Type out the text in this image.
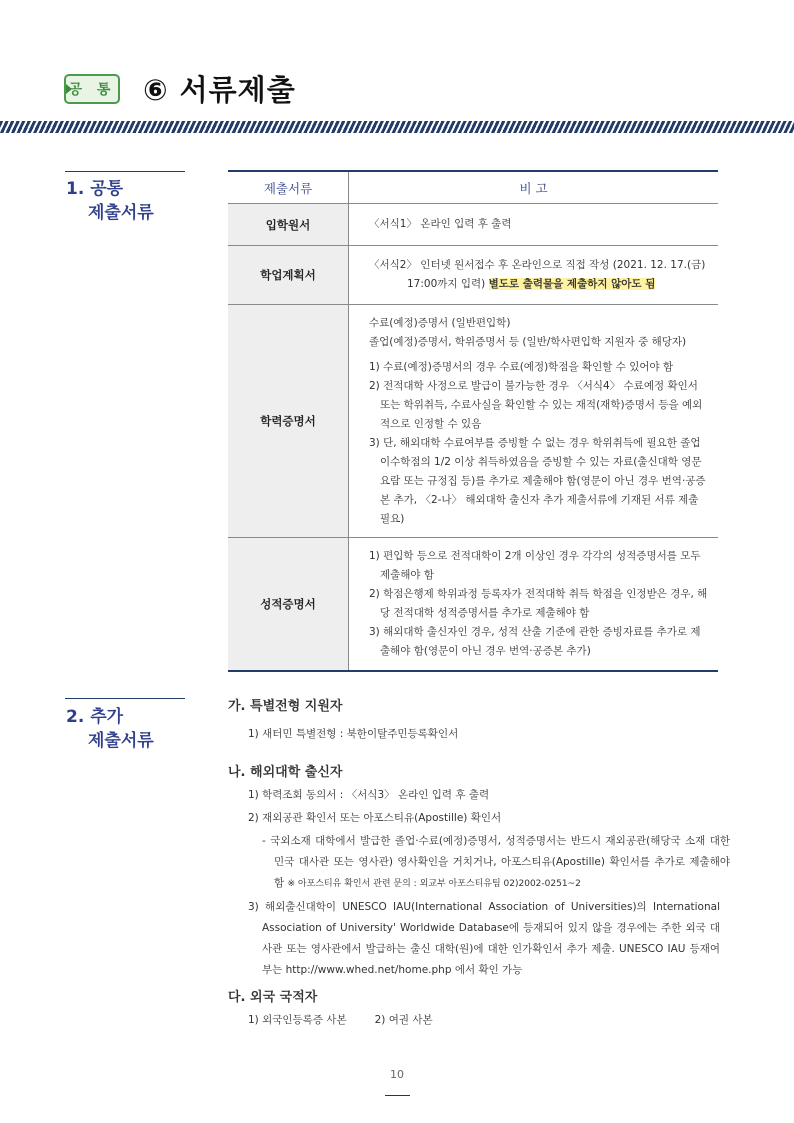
공 통 ⑥ 서류제출
1. 공통
제출서류
제출서류	비 고
입학원서	〈서식1〉 온라인 입력 후 출력

학업계획서	〈서식2〉 인터넷 원서접수 후 온라인으로 직접 작성 (2021. 12. 17.(금)
17:00까지 입력) 별도로 출력물을 제출하지 않아도 됨

학력증명서	수료(예정)증명서 (일반편입학)
졸업(예정)증명서, 학위증명서 등 (일반/학사편입학 지원자 중 해당자)
1) 수료(예정)증명서의 경우 수료(예정)학점을 확인할 수 있어야 함
2) 전적대학 사정으로 발급이 불가능한 경우 〈서식4〉 수료예정 확인서 또는 학위취득, 수료사실을 확인할 수 있는 재적(재학)증명서 등을 예외적으로 인정할 수 있음
3) 단, 해외대학 수료여부를 증빙할 수 없는 경우 학위취득에 필요한 졸업이수학점의 1/2 이상 취득하였음을 증빙할 수 있는 자료(출신대학 영문요람 또는 규정집 등)를 추가로 제출해야 함(영문이 아닌 경우 번역·공증본 추가, 〈2-나〉 해외대학 출신자 추가 제출서류에 기재된 서류 제출필요)

성적증명서	1) 편입학 등으로 전적대학이 2개 이상인 경우 각각의 성적증명서를 모두 제출해야 함
2) 학점은행제 학위과정 등록자가 전적대학 취득 학점을 인정받은 경우, 해당 전적대학 성적증명서를 추가로 제출해야 함
3) 해외대학 출신자인 경우, 성적 산출 기준에 관한 증빙자료를 추가로 제출해야 함(영문이 아닌 경우 번역·공증본 추가)
2. 추가
제출서류
가. 특별전형 지원자
1) 새터민 특별전형 : 북한이탈주민등록확인서
나. 해외대학 출신자
1) 학력조회 동의서 : 〈서식3〉 온라인 입력 후 출력
2) 재외공관 확인서 또는 아포스티유(Apostille) 확인서
- 국외소재 대학에서 발급한 졸업·수료(예정)증명서, 성적증명서는 반드시 재외공관(해당국 소재 대한민국 대사관 또는 영사관) 영사확인을 거치거나, 아포스티유(Apostille) 확인서를 추가로 제출해야 함 ※ 아포스티유 확인서 관련 문의 : 외교부 아포스티유팀 02)2002-0251~2
3) 해외출신대학이 UNESCO IAU(International Association of Universities)의 International Association of University' Worldwide Database에 등재되어 있지 않을 경우에는 주한 외국 대사관 또는 영사관에서 발급하는 출신 대학(원)에 대한 인가확인서 추가 제출. UNESCO IAU 등재여부는 http://www.whed.net/home.php 에서 확인 가능
다. 외국 국적자
1) 외국인등록증 사본	2) 여권 사본
10
